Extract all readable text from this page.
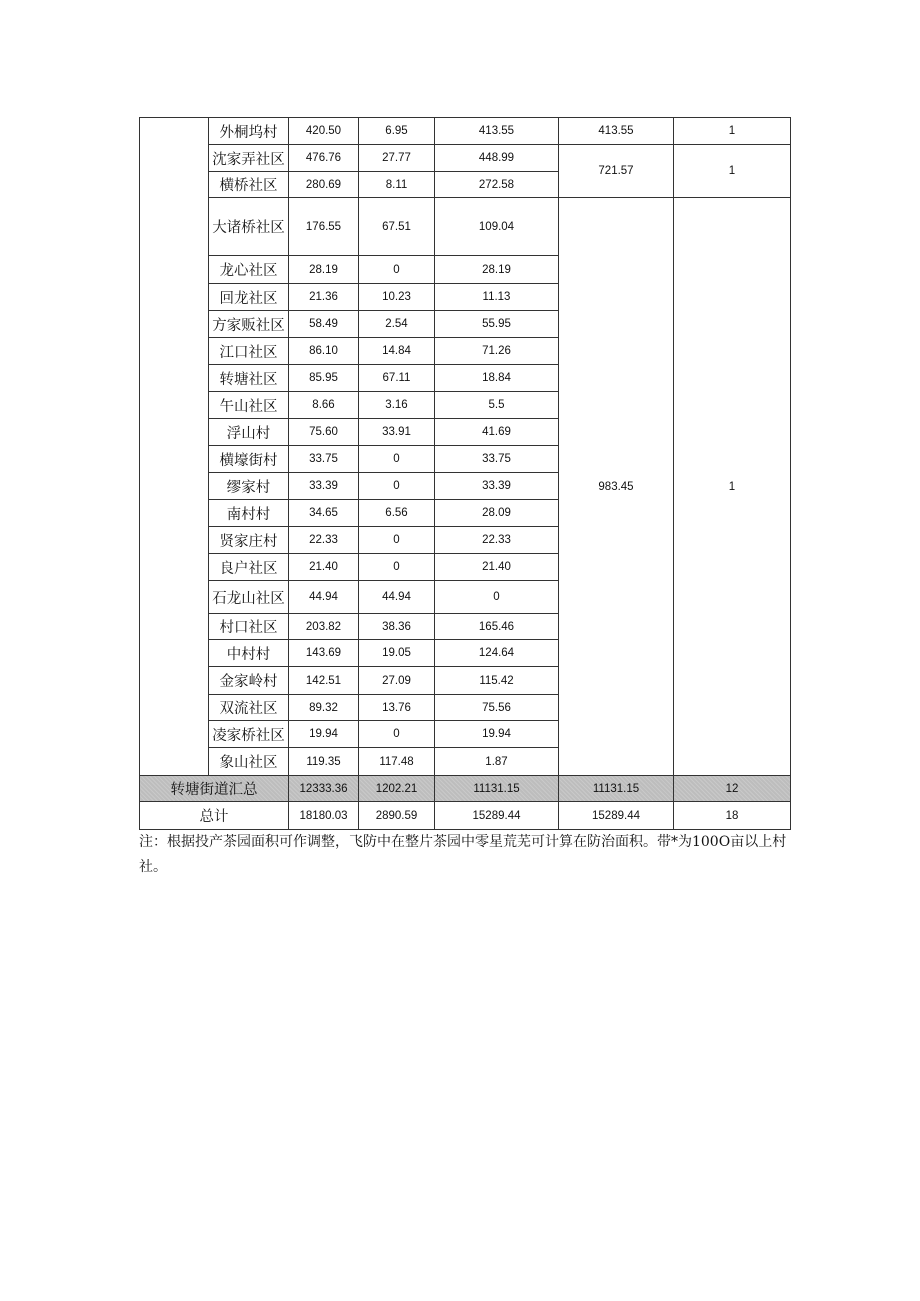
	外桐坞村	420.50	6.95	413.55	413.55	1
	沈家弄社区	476.76	27.77	448.99	721.57	1
	横桥社区	280.69	8.11	272.58		
	大诸桥社区	176.55	67.51	109.04	983.45	1
	龙心社区	28.19	0	28.19		
	回龙社区	21.36	10.23	11.13		
	方家贩社区	58.49	2.54	55.95		
	江口社区	86.10	14.84	71.26		
	转塘社区	85.95	67.11	18.84		
	午山社区	8.66	3.16	5.5		
	浮山村	75.60	33.91	41.69		
	横壕街村	33.75	0	33.75		
	缪家村	33.39	0	33.39		
	南村村	34.65	6.56	28.09		
	贤家庄村	22.33	0	22.33		
	良户社区	21.40	0	21.40		
	石龙山社区	44.94	44.94	0		
	村口社区	203.82	38.36	165.46		
	中村村	143.69	19.05	124.64		
	金家岭村	142.51	27.09	115.42		
	双流社区	89.32	13.76	75.56		
	凌家桥社区	19.94	0	19.94		
	象山社区	119.35	117.48	1.87		
转塘街道汇总		12333.36	1202.21	11131.15	11131.15	12
总计		18180.03	2890.59	15289.44	15289.44	18
注：根据投产茶园面积可作调整，飞防中在整片茶园中零星荒芜可计算在防治面积。带*为100O亩以上村社。
